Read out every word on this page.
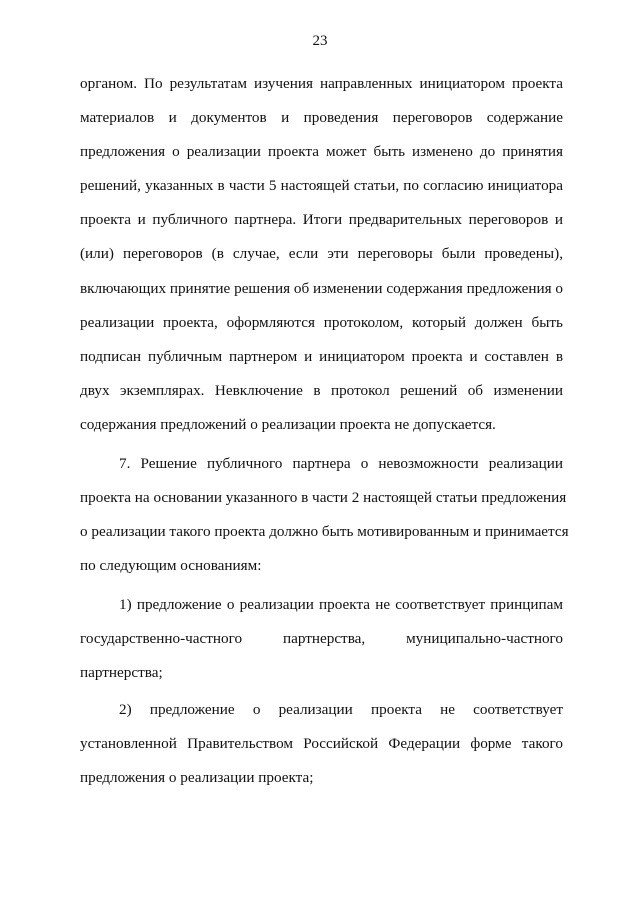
23
органом. По результатам изучения направленных инициатором проекта
материалов и документов и проведения переговоров содержание
предложения о реализации проекта может быть изменено до принятия
решений, указанных в части 5 настоящей статьи, по согласию инициатора
проекта и публичного партнера. Итоги предварительных переговоров и
(или) переговоров (в случае, если эти переговоры были проведены),
включающих принятие решения об изменении содержания предложения о
реализации проекта, оформляются протоколом, который должен быть
подписан публичным партнером и инициатором проекта и составлен в
двух экземплярах. Невключение в протокол решений об изменении
содержания предложений о реализации проекта не допускается.
7. Решение публичного партнера о невозможности реализации
проекта на основании указанного в части 2 настоящей статьи предложения
о реализации такого проекта должно быть мотивированным и принимается
по следующим основаниям:
1) предложение о реализации проекта не соответствует принципам
государственно-частного партнерства, муниципально-частного
партнерства;
2) предложение о реализации проекта не соответствует
установленной Правительством Российской Федерации форме такого
предложения о реализации проекта;
